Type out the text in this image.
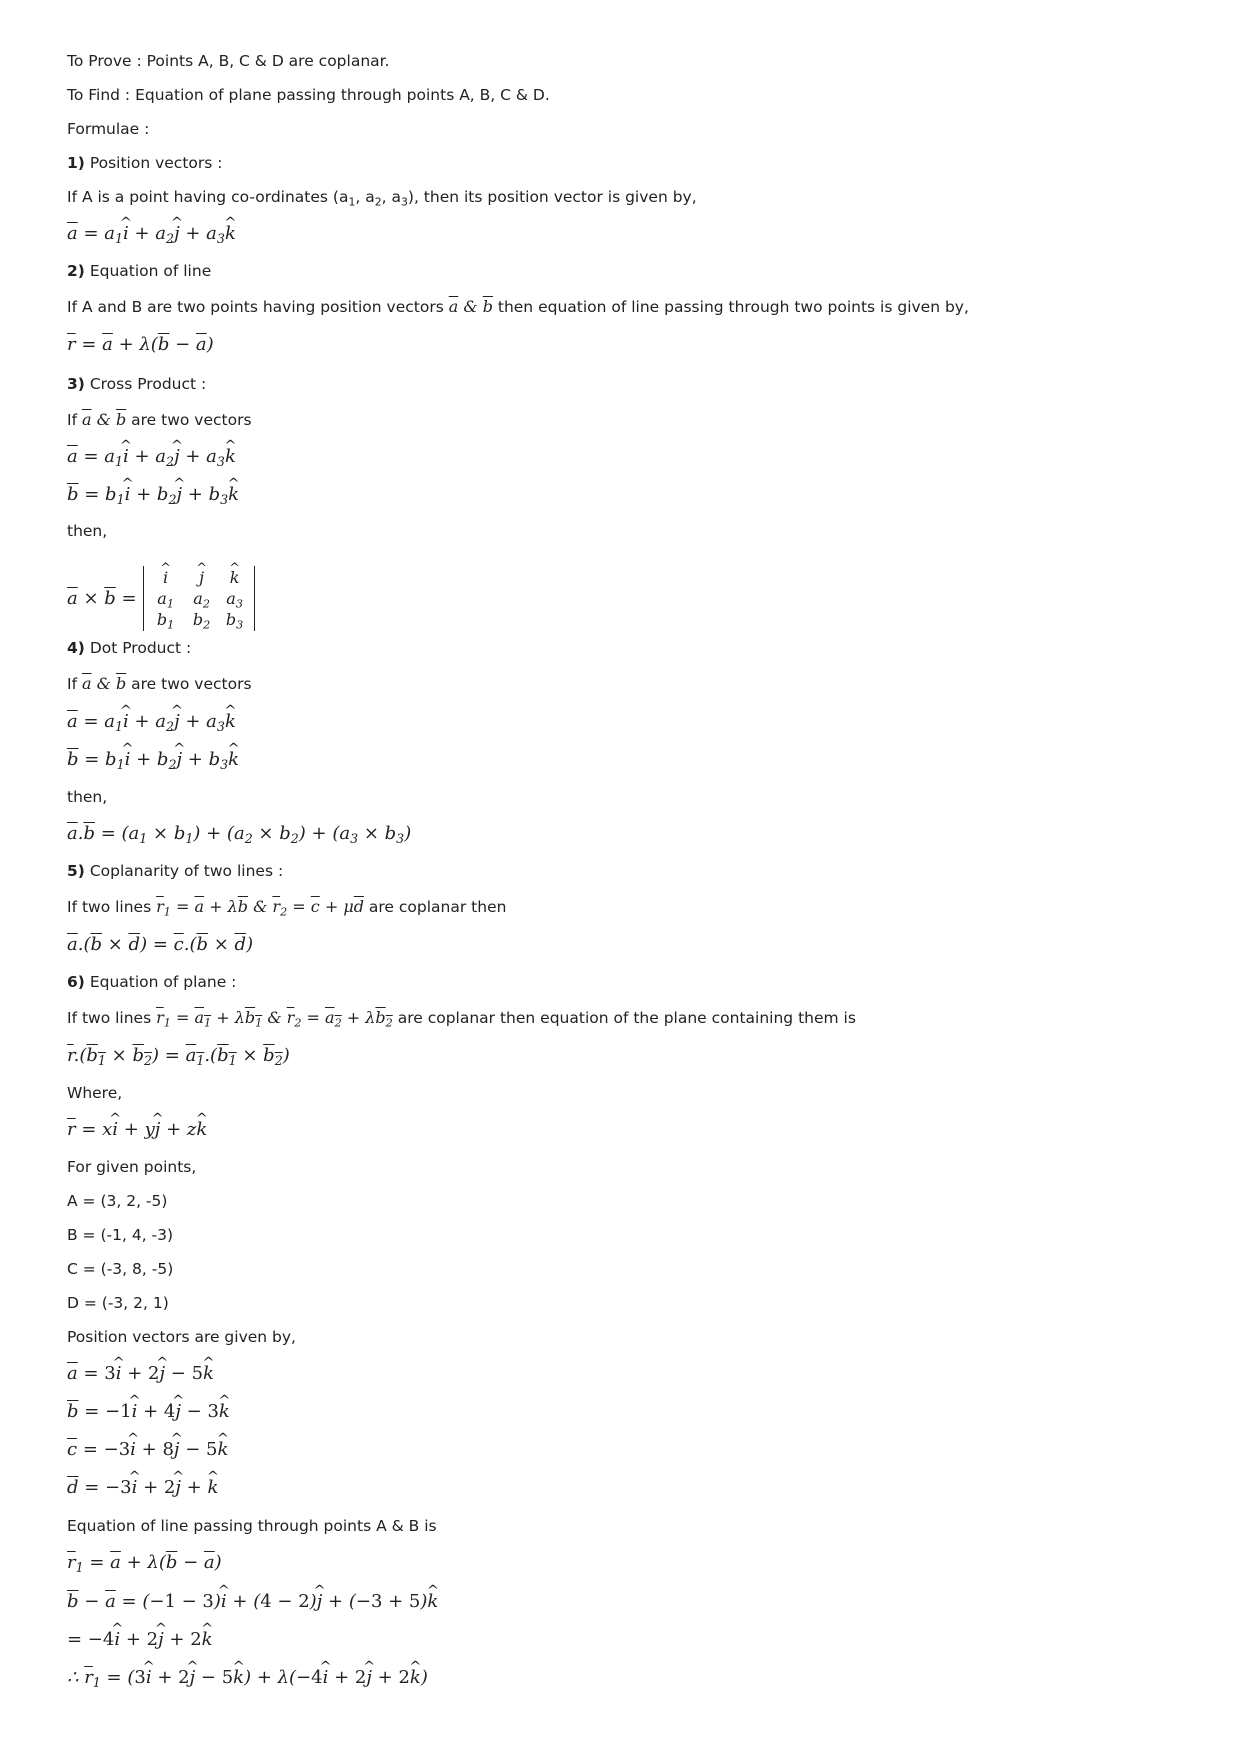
To Prove : Points A, B, C & D are coplanar.
To Find : Equation of plane passing through points A, B, C & D.
Formulae :
1) Position vectors :
If A is a point having co-ordinates ($a_1$, $a_2$, $a_3$), then its position vector is given by,
$\overline{a} = a_1i$ ^ + $a_2j$ ^ + $a_3k$ ^
2) Equation of line
If A and B are two points having position vectors $\overline{a}$ & $\overline{b}$ then equation of line passing through two points is given by,
$\overline{r} = \overline{a} + \lambda(\overline{b} - \overline{a})$
3) Cross Product :
If $\overline{a}$ & $\overline{b}$ are two vectors
$\overline{a} = a_1i$ ^ + $a_2j$ ^ + $a_3k$ ^
$\overline{b} = b_1i$ ^ + $b_2j$ ^ + $b_3k$ ^
then,
$\overline{a} \times \overline{b}$ =
i ^	j ^	k ^
$a_1$	$a_2$	$a_3$
$b_1$	$b_2$ $b_3$
4) Dot Product :
If $\overline{a}$ & $\overline{b}$ are two vectors
$\overline{a} = a_1i$ ^ + $a_2j$ ^ + $a_3k$ ^
$\overline{b} = b_1i$ ^ + $b_2j$ ^ + $b_3k$ ^
then,
$\overline{a}.\overline{b} = (a_1 \times b_1) + (a_2 \times b_2) + (a_3 \times b_3)$
5) Coplanarity of two lines :
If two lines $\overline{r}_1 = \overline{a} + \lambda\overline{b}$ & $\overline{r}_2 = \overline{c} + \mu\overline{d}$ are coplanar then
$\overline{a}.(\overline{b} \times \overline{d}) = \overline{c}.(\overline{b} \times \overline{d})$
6) Equation of plane :
If two lines $\overline{r}_1 = a_1 + \lambda b_1$ & $\overline{r}_2 = a_2 + \lambda b_2$ are coplanar then equation of the plane containing them is
$\overline{r}.(b_1 \times b_2) = a_1.(b_1 \times b_2)$
Where,
$\overline{r}$ = xi ^ + yj ^ + zk ^
For given points,
A = (3, 2, -5)
B = (-1, 4, -3)
C = (-3, 8, -5)
D = (-3, 2, 1)
Position vectors are given by,
$\overline{a} = 3i$ ^ + 2j ^ − 5k ^
$\overline{b} = -1i$ ^ + 4j ^ − 3k ^
$\overline{c} = -3i$ ^ + 8j ^ − 5k ^
$\overline{d} = -3i$ ^ + 2j ^ + k ^
Equation of line passing through points A & B is
$\overline{r}_1 = \overline{a} + \lambda(\overline{b} - \overline{a})$
$\overline{b} - \overline{a} = (-1 - 3)i$ ^ + (4 − 2)j ^ + (−3 + 5)k ^
= −4i ^ + 2j ^ + 2k ^
∴ $\overline{r}_1 = (3i$ ^ + 2j ^ − 5k ^) + λ(−4i ^ + 2j ^ + 2k ^)
